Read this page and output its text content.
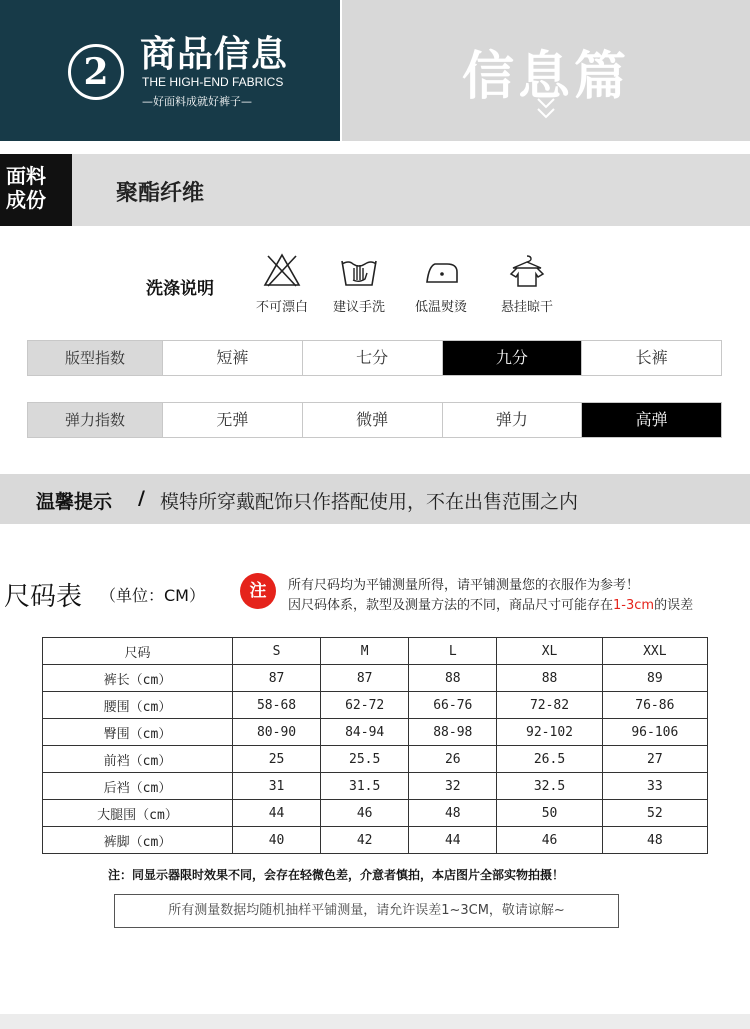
2 商品信息
THE HIGH-END FABRICS
—好面料成就好裤子—	信息篇
面料
成份	聚酯纤维
洗涤说明
不可漂白	建议手洗	低温熨烫	悬挂晾干
版型指数	短裤	七分	九分	长裤
弹力指数	无弹	微弹	弹力	高弹
温馨提示 / 模特所穿戴配饰只作搭配使用，不在出售范围之内
尺码表 （单位：CM）	注	所有尺码均为平铺测量所得，请平铺测量您的衣服作为参考！
因尺码体系，款型及测量方法的不同，商品尺寸可能存在1-3cm的误差
尺码	S	M	L	XL	XXL
裤长（cm）	87	87	88	88	89
腰围（cm）	58-68	62-72	66-76	72-82	76-86
臀围（cm）	80-90	84-94	88-98	92-102	96-106
前裆（cm）	25	25.5	26	26.5	27
后裆（cm）	31	31.5	32	32.5	33
大腿围（cm）	44	46	48	50	52
裤脚（cm）	40	42	44	46	48
注：同显示器限时效果不同，会存在轻微色差，介意者慎拍，本店图片全部实物拍摄！
所有测量数据均随机抽样平铺测量，请允许误差1~3CM，敬请谅解~
